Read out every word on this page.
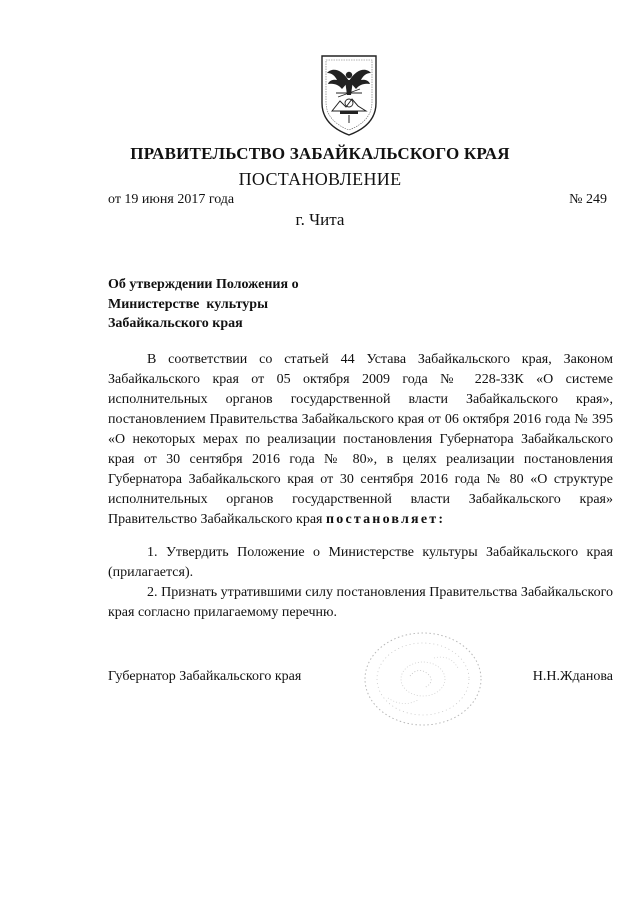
ПРАВИТЕЛЬСТВО ЗАБАЙКАЛЬСКОГО КРАЯ
ПОСТАНОВЛЕНИЕ
от 19 июня 2017 года	№ 249
г. Чита
Об утверждении Положения о
Министерстве  культуры
Забайкальского края
В соответствии со статьей 44 Устава Забайкальского края, Законом Забайкальского края от 05 октября 2009 года № 228-ЗЗК «О системе исполнительных органов государственной власти Забайкальского края», постановлением Правительства Забайкальского края от 06 октября 2016 года № 395 «О некоторых мерах по реализации постановления Губернатора Забайкальского края от 30 сентября 2016 года № 80», в целях реализации постановления Губернатора Забайкальского края от 30 сентября 2016 года № 80 «О структуре исполнительных органов государственной власти Забайкальского края» Правительство Забайкальского края постановляет:
1. Утвердить Положение о Министерстве культуры Забайкальского края (прилагается).
2. Признать утратившими силу постановления Правительства Забайкальского края согласно прилагаемому перечню.
Губернатор Забайкальского края	Н.Н.Жданова
